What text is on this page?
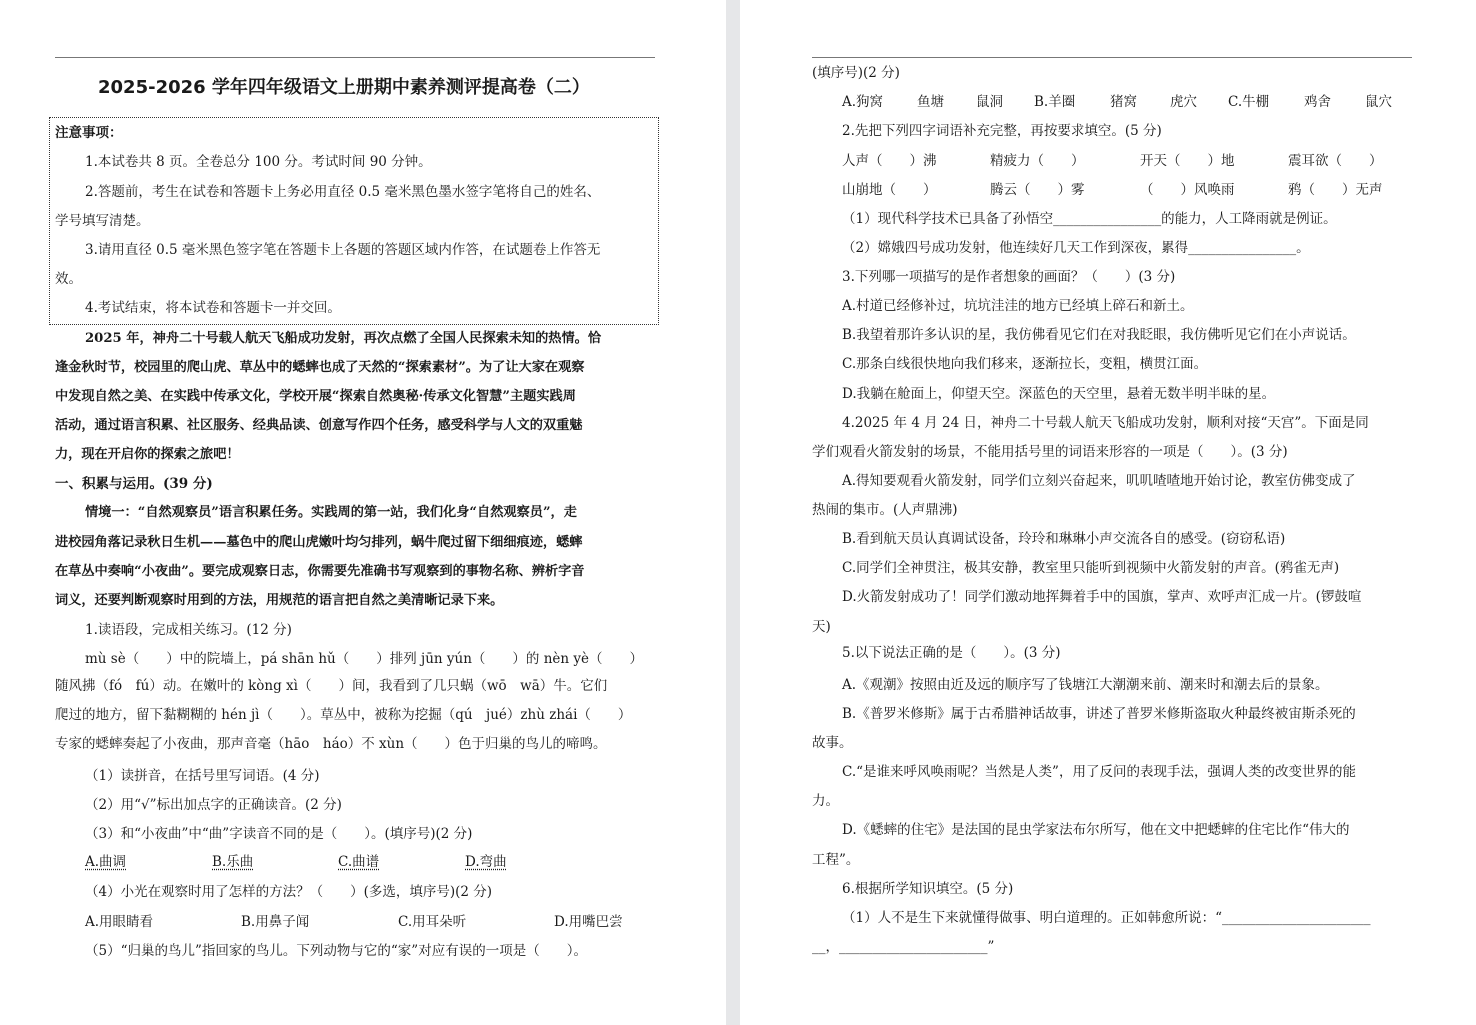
2025-2026 学年四年级语文上册期中素养测评提高卷（二）
注意事项：
1.本试卷共 8 页。全卷总分 100 分。考试时间 90 分钟。
2.答题前，考生在试卷和答题卡上务必用直径 0.5 毫米黑色墨水签字笔将自己的姓名、
学号填写清楚。
3.请用直径 0.5 毫米黑色签字笔在答题卡上各题的答题区域内作答，在试题卷上作答无
效。
4.考试结束，将本试卷和答题卡一并交回。
2025 年，神舟二十号载人航天飞船成功发射，再次点燃了全国人民探索未知的热情。恰
逢金秋时节，校园里的爬山虎、草丛中的蟋蟀也成了天然的“探索素材”。为了让大家在观察
中发现自然之美、在实践中传承文化，学校开展“探索自然奥秘·传承文化智慧”主题实践周
活动，通过语言积累、社区服务、经典品读、创意写作四个任务，感受科学与人文的双重魅
力，现在开启你的探索之旅吧！
一、积累与运用。(39 分)
情境一：“自然观察员”语言积累任务。实践周的第一站，我们化身“自然观察员”，走
进校园角落记录秋日生机——墓色中的爬山虎嫩叶均匀排列，蜗牛爬过留下细细痕迹，蟋蟀
在草丛中奏响“小夜曲”。要完成观察日志，你需要先准确书写观察到的事物名称、辨析字音
词义，还要判断观察时用到的方法，用规范的语言把自然之美清晰记录下来。
1.读语段，完成相关练习。(12 分)
mù sè（　　）中的院墙上，pá shān hǔ（　　）排列 jūn yún（　　）的 nèn yè（　　）
随风拂（fó　fú）动。在嫩叶的 kòng xì（　　）间，我看到了几只蜗（wō　wā）牛。它们
爬过的地方，留下黏糊糊的 hén jì（　　）。草丛中，被称为挖掘（qú　jué）zhù zhái（　　）
专家的蟋蟀奏起了小夜曲，那声音毫（hāo　háo）不 xùn（　　）色于归巢的鸟儿的啼鸣。
（1）读拼音，在括号里写词语。(4 分)
（2）用“√”标出加点字的正确读音。(2 分)
（3）和“小夜曲”中“曲”字读音不同的是（　　）。(填序号)(2 分)
A.曲调	B.乐曲	C.曲谱	D.弯曲
（4）小光在观察时用了怎样的方法？（　　）(多选，填序号)(2 分)
A.用眼睛看	B.用鼻子闻	C.用耳朵听	D.用嘴巴尝
（5）“归巢的鸟儿”指回家的鸟儿。下列动物与它的“家”对应有误的一项是（　　）。
(填序号)(2 分)
A.狗窝	鱼塘 鼠洞 B.羊圈	猪窝 虎穴 C.牛棚	鸡舍	鼠穴
2.先把下列四字词语补充完整，再按要求填空。(5 分)
人声（　　）沸	精疲力（　　）	开天（　　）地	震耳欲（　　）
山崩地（　　）	腾云（　　）雾	（　　）风唤雨	鸦（　　）无声
（1）现代科学技术已具备了孙悟空________________的能力，人工降雨就是例证。
（2）嫦娥四号成功发射，他连续好几天工作到深夜，累得________________。
3.下列哪一项描写的是作者想象的画面？（　　）(3 分)
A.村道已经修补过，坑坑洼洼的地方已经填上碎石和新土。
B.我望着那许多认识的星，我仿佛看见它们在对我眨眼，我仿佛听见它们在小声说话。
C.那条白线很快地向我们移来，逐渐拉长，变粗，横贯江面。
D.我躺在舱面上，仰望天空。深蓝色的天空里，悬着无数半明半昧的星。
4.2025 年 4 月 24 日，神舟二十号载人航天飞船成功发射，顺利对接“天宫”。下面是同
学们观看火箭发射的场景，不能用括号里的词语来形容的一项是（　　）。(3 分)
A.得知要观看火箭发射，同学们立刻兴奋起来，叽叽喳喳地开始讨论，教室仿佛变成了
热闹的集市。(人声鼎沸)
B.看到航天员认真调试设备，玲玲和琳琳小声交流各自的感受。(窃窃私语)
C.同学们全神贯注，极其安静，教室里只能听到视频中火箭发射的声音。(鸦雀无声)
D.火箭发射成功了！同学们激动地挥舞着手中的国旗，掌声、欢呼声汇成一片。(锣鼓喧
天)
5.以下说法正确的是（　　）。(3 分)
A.《观潮》按照由近及远的顺序写了钱塘江大潮潮来前、潮来时和潮去后的景象。
B.《普罗米修斯》属于古希腊神话故事，讲述了普罗米修斯盗取火种最终被宙斯杀死的
故事。
C.“是谁来呼风唤雨呢？当然是人类”，用了反问的表现手法，强调人类的改变世界的能
力。
D.《蟋蟀的住宅》是法国的昆虫学家法布尔所写，他在文中把蟋蟀的住宅比作“伟大的
工程”。
6.根据所学知识填空。(5 分)
（1）人不是生下来就懂得做事、明白道理的。正如韩愈所说：“______________________
__，______________________”
